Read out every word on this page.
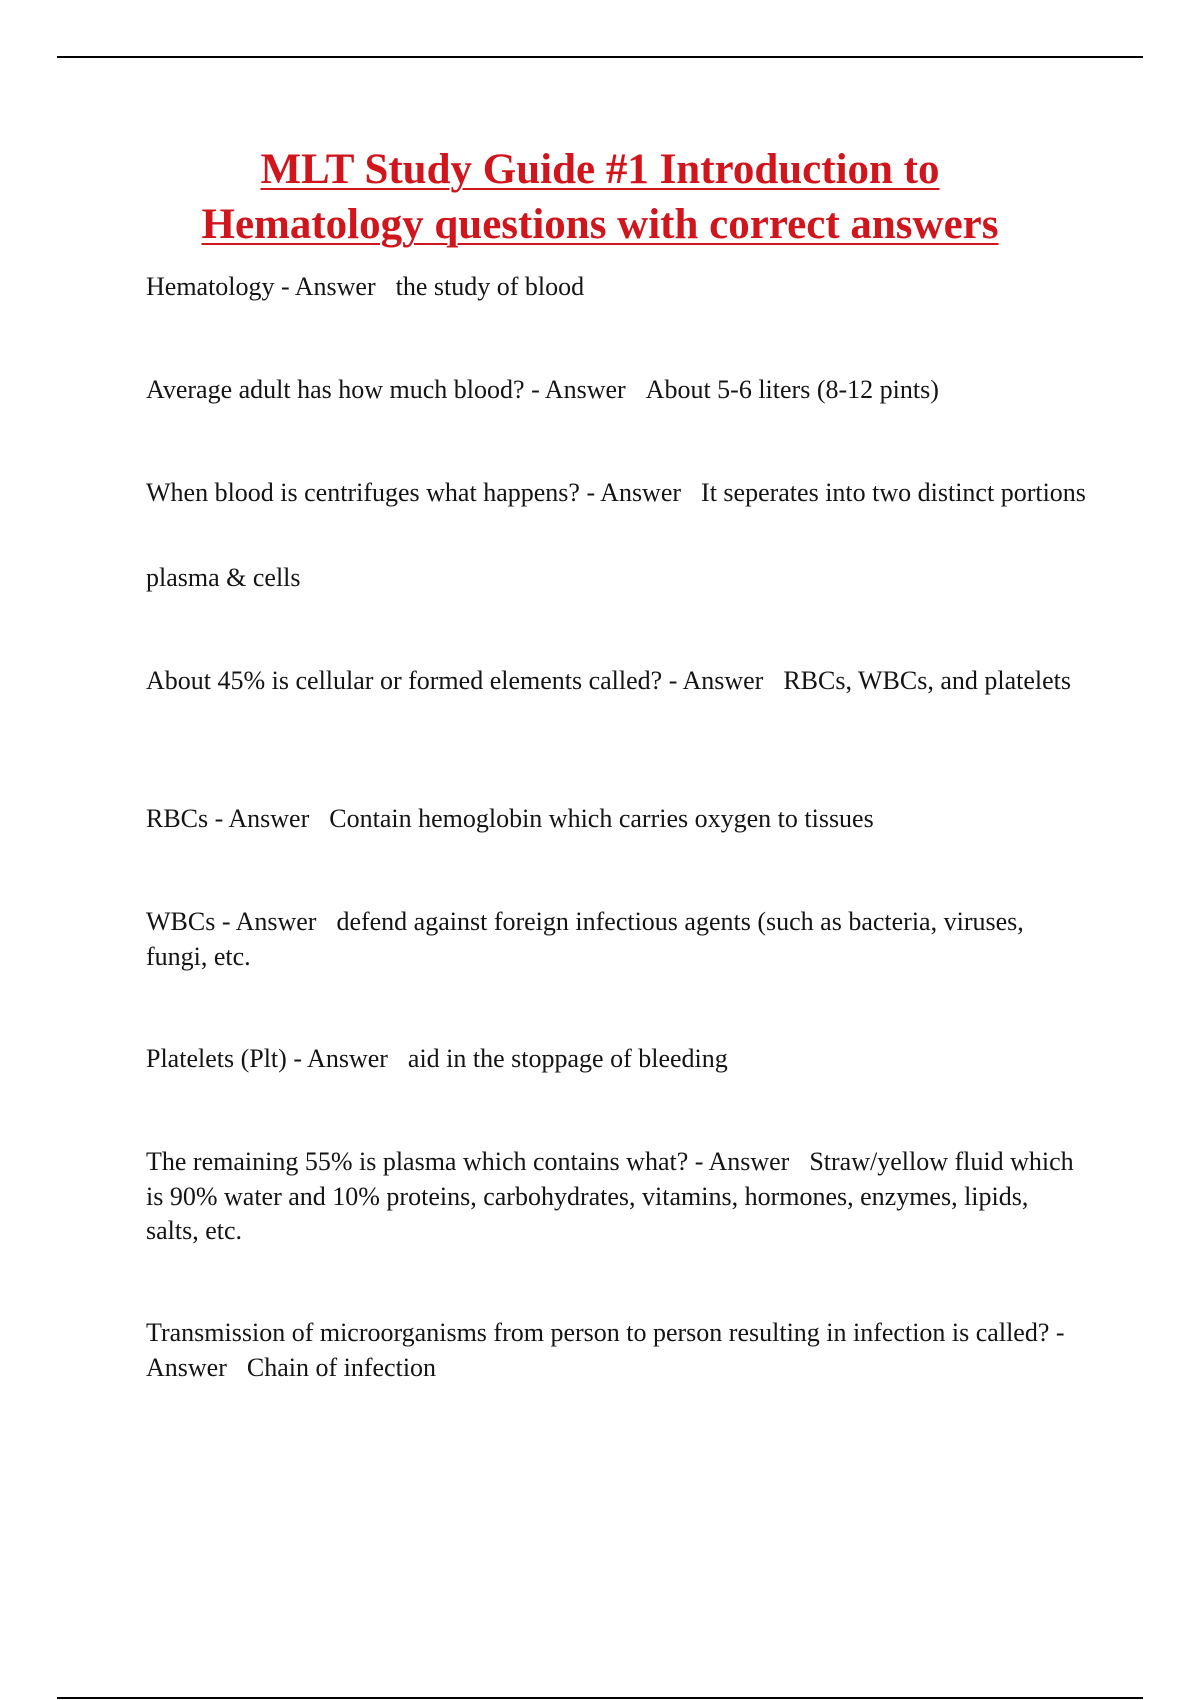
MLT Study Guide #1 Introduction to
Hematology questions with correct answers

Hematology - Answer the study of blood

Average adult has how much blood? - Answer About 5-6 liters (8-12 pints)

When blood is centrifuges what happens? - Answer It seperates into two distinct portions

plasma & cells

About 45% is cellular or formed elements called? - Answer RBCs, WBCs, and platelets

RBCs - Answer Contain hemoglobin which carries oxygen to tissues

WBCs - Answer defend against foreign infectious agents (such as bacteria, viruses, fungi, etc.

Platelets (Plt) - Answer aid in the stoppage of bleeding

The remaining 55% is plasma which contains what? - Answer Straw/yellow fluid which is 90% water and 10% proteins, carbohydrates, vitamins, hormones, enzymes, lipids, salts, etc.

Transmission of microorganisms from person to person resulting in infection is called? - Answer Chain of infection
